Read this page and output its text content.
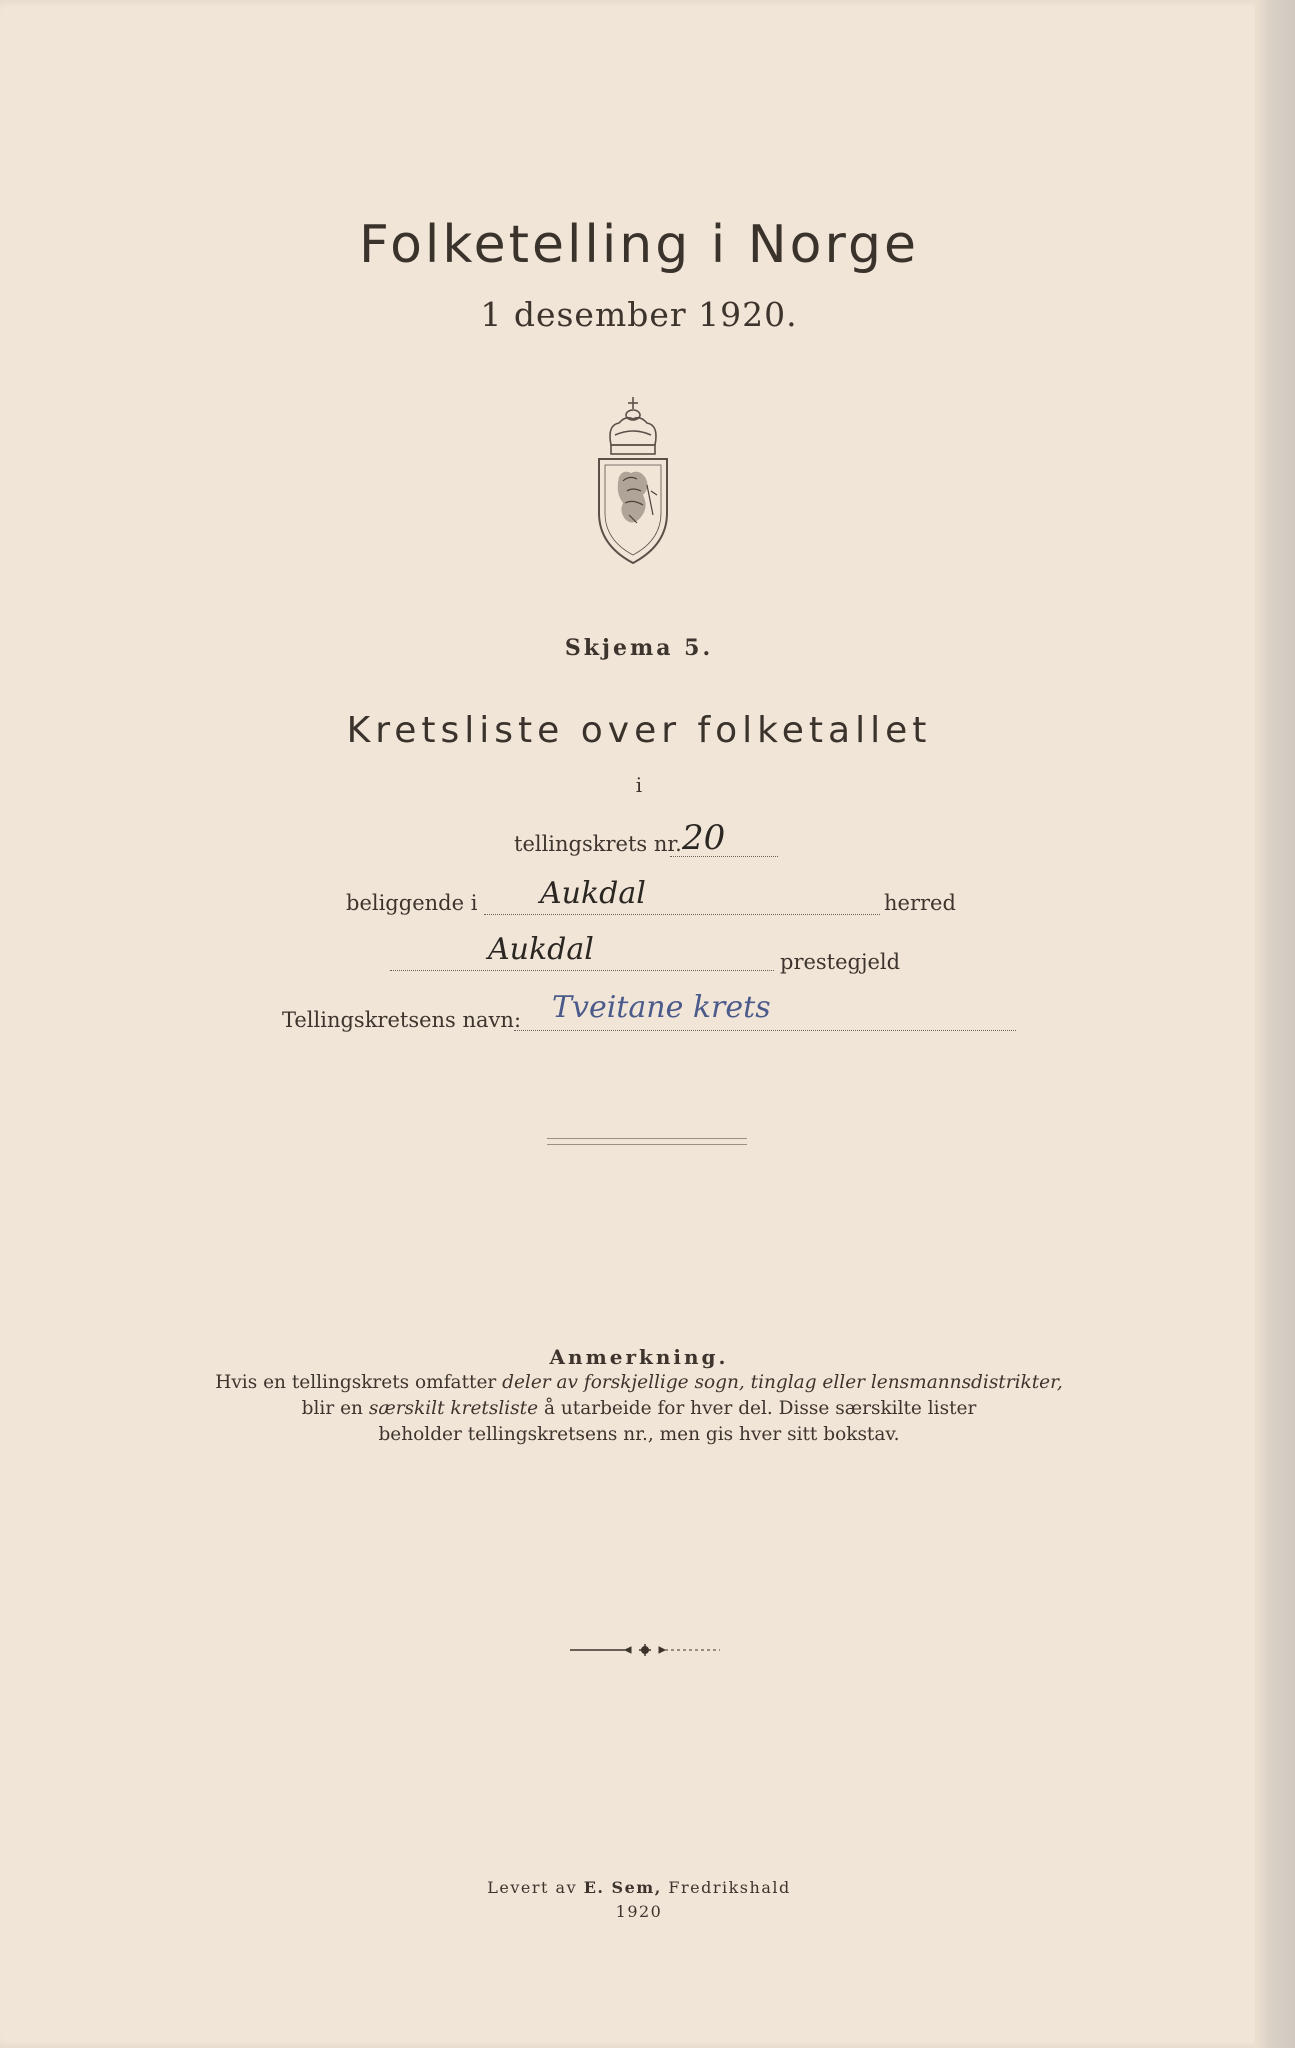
Folketelling i Norge
1 desember 1920.
Skjema 5.
Kretsliste over folketallet
i
tellingskrets nr. 20
beliggende i Aukdal	herred
Aukdal	prestegjeld
Tellingskretsens navn: Tveitane krets
Anmerkning.
Hvis en tellingskrets omfatter deler av forskjellige sogn, tinglag eller lensmannsdistrikter,
blir en særskilt kretsliste å utarbeide for hver del. Disse særskilte lister
beholder tellingskretsens nr., men gis hver sitt bokstav.
Levert av E. Sem, Fredrikshald
1920
